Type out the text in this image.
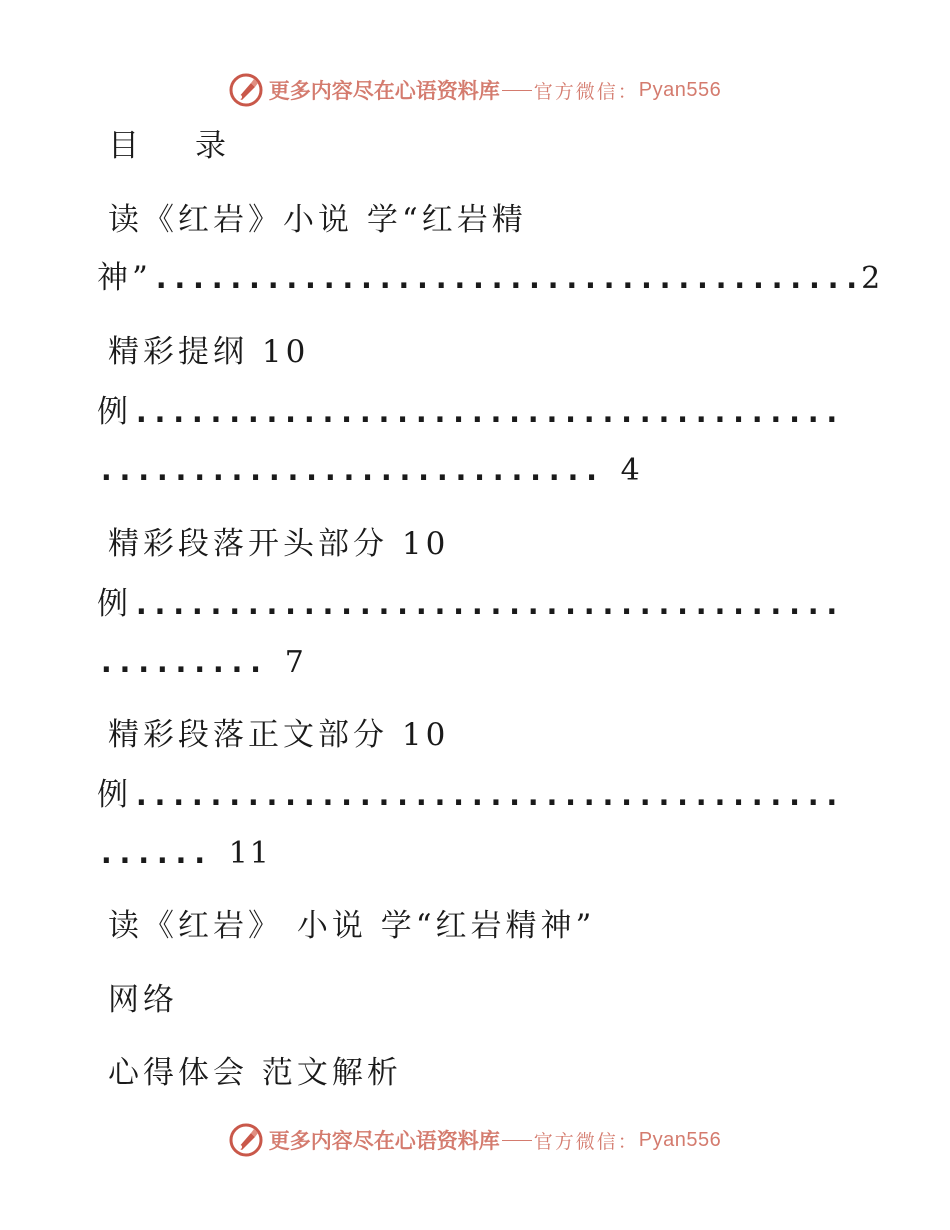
更多内容尽在心语资料库 官方微信： Pyan556
目 录
读《红岩》小说 学“红岩精
神”......................................2
精彩提纲 10
例......................................
........................... 4
精彩段落开头部分 10
例......................................
......... 7
精彩段落正文部分 10
例......................................
...... 11
读《红岩》 小说 学“红岩精神”
网络
心得体会 范文解析
更多内容尽在心语资料库 官方微信： Pyan556
